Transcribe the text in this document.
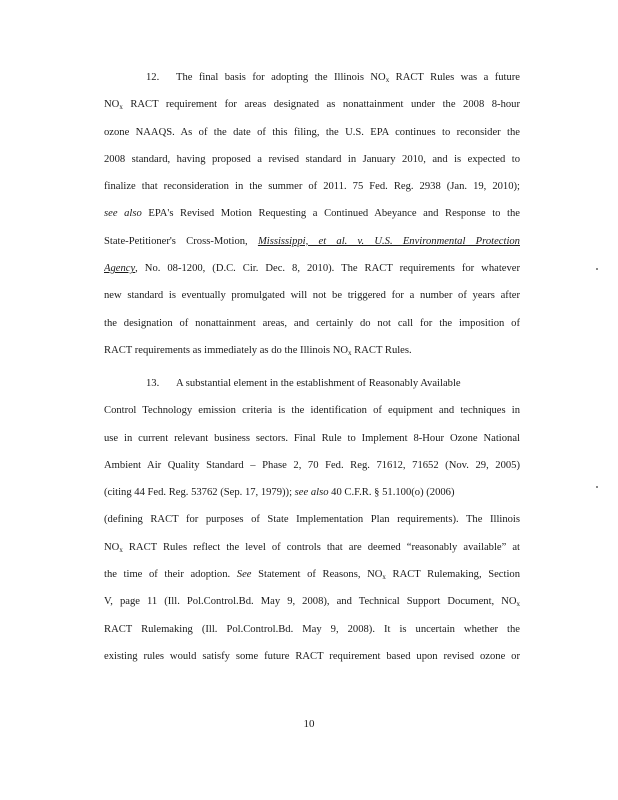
12. The final basis for adopting the Illinois $NO_x$ RACT Rules was a future
$NO_x$ RACT requirement for areas designated as nonattainment under the 2008 8-hour
ozone NAAQS. As of the date of this filing, the U.S. EPA continues to reconsider the
2008 standard, having proposed a revised standard in January 2010, and is expected to
finalize that reconsideration in the summer of 2011. 75 Fed. Reg. 2938 (Jan. 19, 2010);
see also EPA's Revised Motion Requesting a Continued Abeyance and Response to the
State-Petitioner's Cross-Motion, Mississippi, et al. v. U.S. Environmental Protection
Agency, No. 08-1200, (D.C. Cir. Dec. 8, 2010). The RACT requirements for whatever
new standard is eventually promulgated will not be triggered for a number of years after
the designation of nonattainment areas, and certainly do not call for the imposition of
RACT requirements as immediately as do the Illinois $NO_x$ RACT Rules.
13. A substantial element in the establishment of Reasonably Available
Control Technology emission criteria is the identification of equipment and techniques in
use in current relevant business sectors. Final Rule to Implement 8-Hour Ozone National
Ambient Air Quality Standard – Phase 2, 70 Fed. Reg. 71612, 71652 (Nov. 29, 2005)
(citing 44 Fed. Reg. 53762 (Sep. 17, 1979)); see also 40 C.F.R. § 51.100(o) (2006)
(defining RACT for purposes of State Implementation Plan requirements). The Illinois
$NO_x$ RACT Rules reflect the level of controls that are deemed “reasonably available” at
the time of their adoption. See Statement of Reasons, $NO_x$ RACT Rulemaking, Section
V, page 11 (Ill. Pol.Control.Bd. May 9, 2008), and Technical Support Document, $NO_x$
RACT Rulemaking (Ill. Pol.Control.Bd. May 9, 2008). It is uncertain whether the
existing rules would satisfy some future RACT requirement based upon revised ozone or
10
